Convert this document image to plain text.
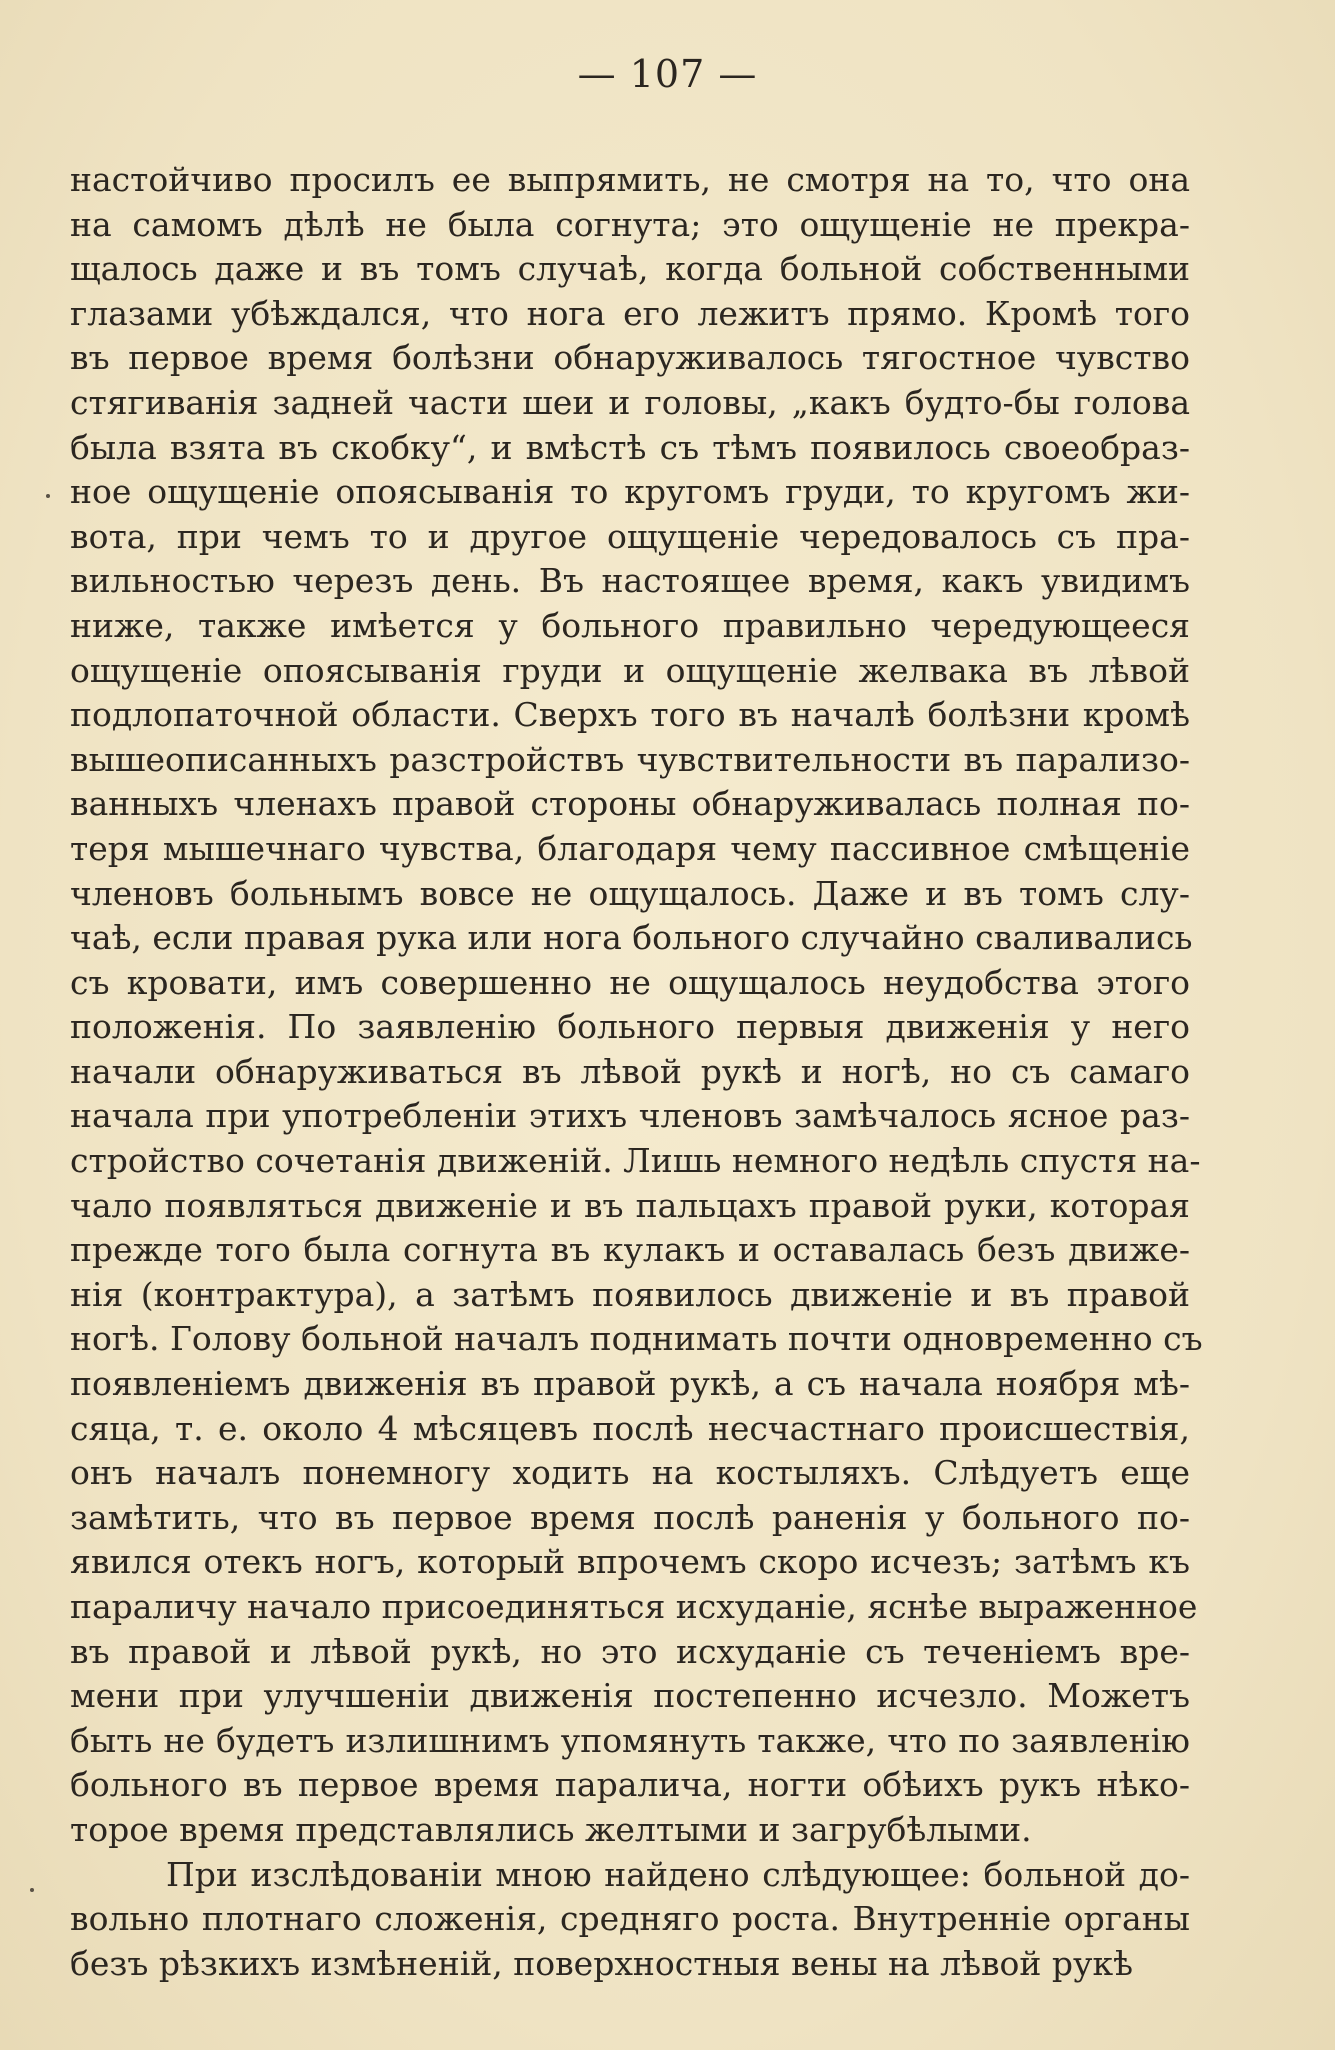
— 107 —
настойчиво просилъ ее выпрямить, не смотря на то, что она
на самомъ дѣлѣ не была согнута; это ощущенiе не прекра-
щалось даже и въ томъ случаѣ, когда больной собственными
глазами убѣждался, что нога его лежитъ прямо. Кромѣ того
въ первое время болѣзни обнаруживалось тягостное чувство
стягиванiя задней части шеи и головы, „какъ будто-бы голова
была взята въ скобку“, и вмѣстѣ съ тѣмъ появилось своеобраз-
ное ощущенiе опоясыванiя то кругомъ груди, то кругомъ жи-
вота, при чемъ то и другое ощущенiе чередовалось съ пра-
вильностью черезъ день. Въ настоящее время, какъ увидимъ
ниже, также имѣется у больного правильно чередующееся
ощущенiе опоясыванiя груди и ощущенiе желвака въ лѣвой
подлопаточной области. Сверхъ того въ началѣ болѣзни кромѣ
вышеописанныхъ разстройствъ чувствительности въ парализо-
ванныхъ членахъ правой стороны обнаруживалась полная по-
теря мышечнаго чувства, благодаря чему пассивное смѣщенiе
членовъ больнымъ вовсе не ощущалось. Даже и въ томъ слу-
чаѣ, если правая рука или нога больного случайно сваливались
съ кровати, имъ совершенно не ощущалось неудобства этого
положенiя. По заявленiю больного первыя движенiя у него
начали обнаруживаться въ лѣвой рукѣ и ногѣ, но съ самаго
начала при употребленiи этихъ членовъ замѣчалось ясное раз-
стройство сочетанiя движенiй. Лишь немного недѣль спустя на-
чало появляться движенiе и въ пальцахъ правой руки, которая
прежде того была согнута въ кулакъ и оставалась безъ движе-
нiя (контрактура), а затѣмъ появилось движенiе и въ правой
ногѣ. Голову больной началъ поднимать почти одновременно съ
появленiемъ движенiя въ правой рукѣ, а съ начала ноября мѣ-
сяца, т. е. около 4 мѣсяцевъ послѣ несчастнаго происшествiя,
онъ началъ понемногу ходить на костыляхъ. Слѣдуетъ еще
замѣтить, что въ первое время послѣ раненiя у больного по-
явился отекъ ногъ, который впрочемъ скоро исчезъ; затѣмъ къ
параличу начало присоединяться исхуданiе, яснѣе выраженное
въ правой и лѣвой рукѣ, но это исхуданiе съ теченiемъ вре-
мени при улучшенiи движенiя постепенно исчезло. Можетъ
быть не будетъ излишнимъ упомянуть также, что по заявленiю
больного въ первое время паралича, ногти обѣихъ рукъ нѣко-
торое время представлялись желтыми и загрубѣлыми.
При изслѣдованiи мною найдено слѣдующее: больной до-
вольно плотнаго сложенiя, средняго роста. Внутреннiе органы
безъ рѣзкихъ измѣненiй, поверхностныя вены на лѣвой рукѣ
